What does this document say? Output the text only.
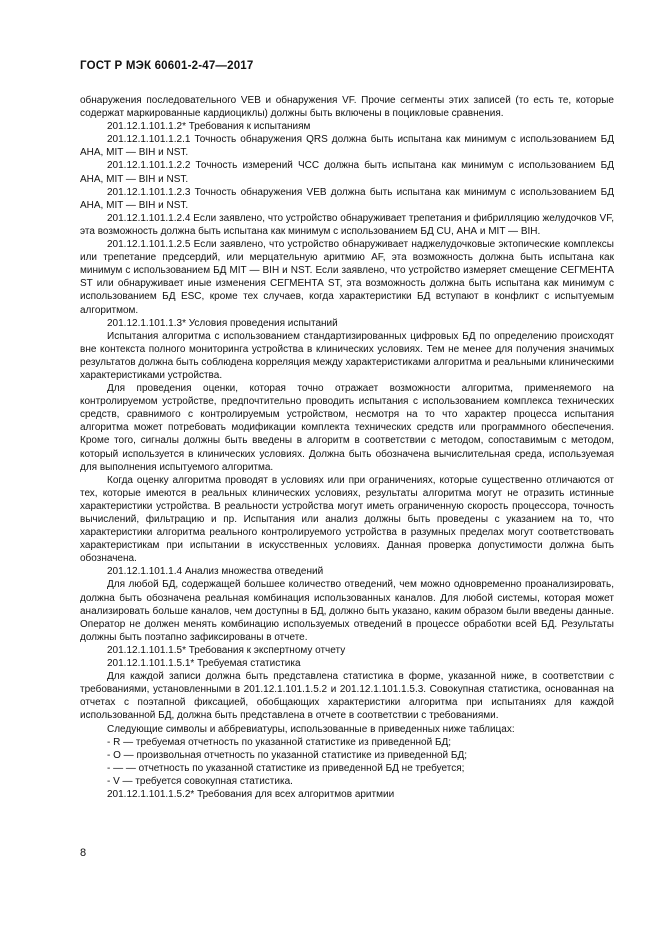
ГОСТ Р МЭК 60601-2-47—2017

обнаружения последовательного VEB и обнаружения VF. Прочие сегменты этих записей (то есть те, которые содержат маркированные кардиоциклы) должны быть включены в поцикловые сравнения.

201.12.1.101.1.2* Требования к испытаниям

201.12.1.101.1.2.1 Точность обнаружения QRS должна быть испытана как минимум с использованием БД АНА, MIT — BIH и NST.

201.12.1.101.1.2.2 Точность измерений ЧСС должна быть испытана как минимум с использованием БД АНА, MIT — BIH и NST.

201.12.1.101.1.2.3 Точность обнаружения VEB должна быть испытана как минимум с использованием БД АНА, MIT — BIH и NST.

201.12.1.101.1.2.4 Если заявлено, что устройство обнаруживает трепетания и фибрилляцию желудочков VF, эта возможность должна быть испытана как минимум с использованием БД CU, АНА и MIT — BIH.

201.12.1.101.1.2.5 Если заявлено, что устройство обнаруживает наджелудочковые эктопические комплексы или трепетание предсердий, или мерцательную аритмию AF, эта возможность должна быть испытана как минимум с использованием БД MIT — BIH и NST. Если заявлено, что устройство измеряет смещение СЕГМЕНТА ST или обнаруживает иные изменения СЕГМЕНТА ST, эта возможность должна быть испытана как минимум с использованием БД ESC, кроме тех случаев, когда характеристики БД вступают в конфликт с испытуемым алгоритмом.

201.12.1.101.1.3* Условия проведения испытаний

Испытания алгоритма с использованием стандартизированных цифровых БД по определению происходят вне контекста полного мониторинга устройства в клинических условиях. Тем не менее для получения значимых результатов должна быть соблюдена корреляция между характеристиками алгоритма и реальными клиническими характеристиками устройства.

Для проведения оценки, которая точно отражает возможности алгоритма, применяемого на контролируемом устройстве, предпочтительно проводить испытания с использованием комплекса технических средств, сравнимого с контролируемым устройством, несмотря на то что характер процесса испытания алгоритма может потребовать модификации комплекта технических средств или программного обеспечения. Кроме того, сигналы должны быть введены в алгоритм в соответствии с методом, сопоставимым с методом, который используется в клинических условиях. Должна быть обозначена вычислительная среда, используемая для выполнения испытуемого алгоритма.

Когда оценку алгоритма проводят в условиях или при ограничениях, которые существенно отличаются от тех, которые имеются в реальных клинических условиях, результаты алгоритма могут не отразить истинные характеристики устройства. В реальности устройства могут иметь ограниченную скорость процессора, точность вычислений, фильтрацию и пр. Испытания или анализ должны быть проведены с указанием на то, что характеристики алгоритма реального контролируемого устройства в разумных пределах могут соответствовать характеристикам при испытании в искусственных условиях. Данная проверка допустимости должна быть обозначена.

201.12.1.101.1.4 Анализ множества отведений

Для любой БД, содержащей большее количество отведений, чем можно одновременно проанализировать, должна быть обозначена реальная комбинация использованных каналов. Для любой системы, которая может анализировать больше каналов, чем доступны в БД, должно быть указано, каким образом были введены данные. Оператор не должен менять комбинацию используемых отведений в процессе обработки всей БД. Результаты должны быть поэтапно зафиксированы в отчете.

201.12.1.101.1.5* Требования к экспертному отчету

201.12.1.101.1.5.1* Требуемая статистика

Для каждой записи должна быть представлена статистика в форме, указанной ниже, в соответствии с требованиями, установленными в 201.12.1.101.1.5.2 и 201.12.1.101.1.5.3. Совокупная статистика, основанная на отчетах с поэтапной фиксацией, обобщающих характеристики алгоритма при испытаниях для каждой использованной БД, должна быть представлена в отчете в соответствии с требованиями.

Следующие символы и аббревиатуры, использованные в приведенных ниже таблицах:

- R — требуемая отчетность по указанной статистике из приведенной БД;

- O — произвольная отчетность по указанной статистике из приведенной БД;

- — — отчетность по указанной статистике из приведенной БД не требуется;

- V — требуется совокупная статистика.

201.12.1.101.1.5.2* Требования для всех алгоритмов аритмии

8
